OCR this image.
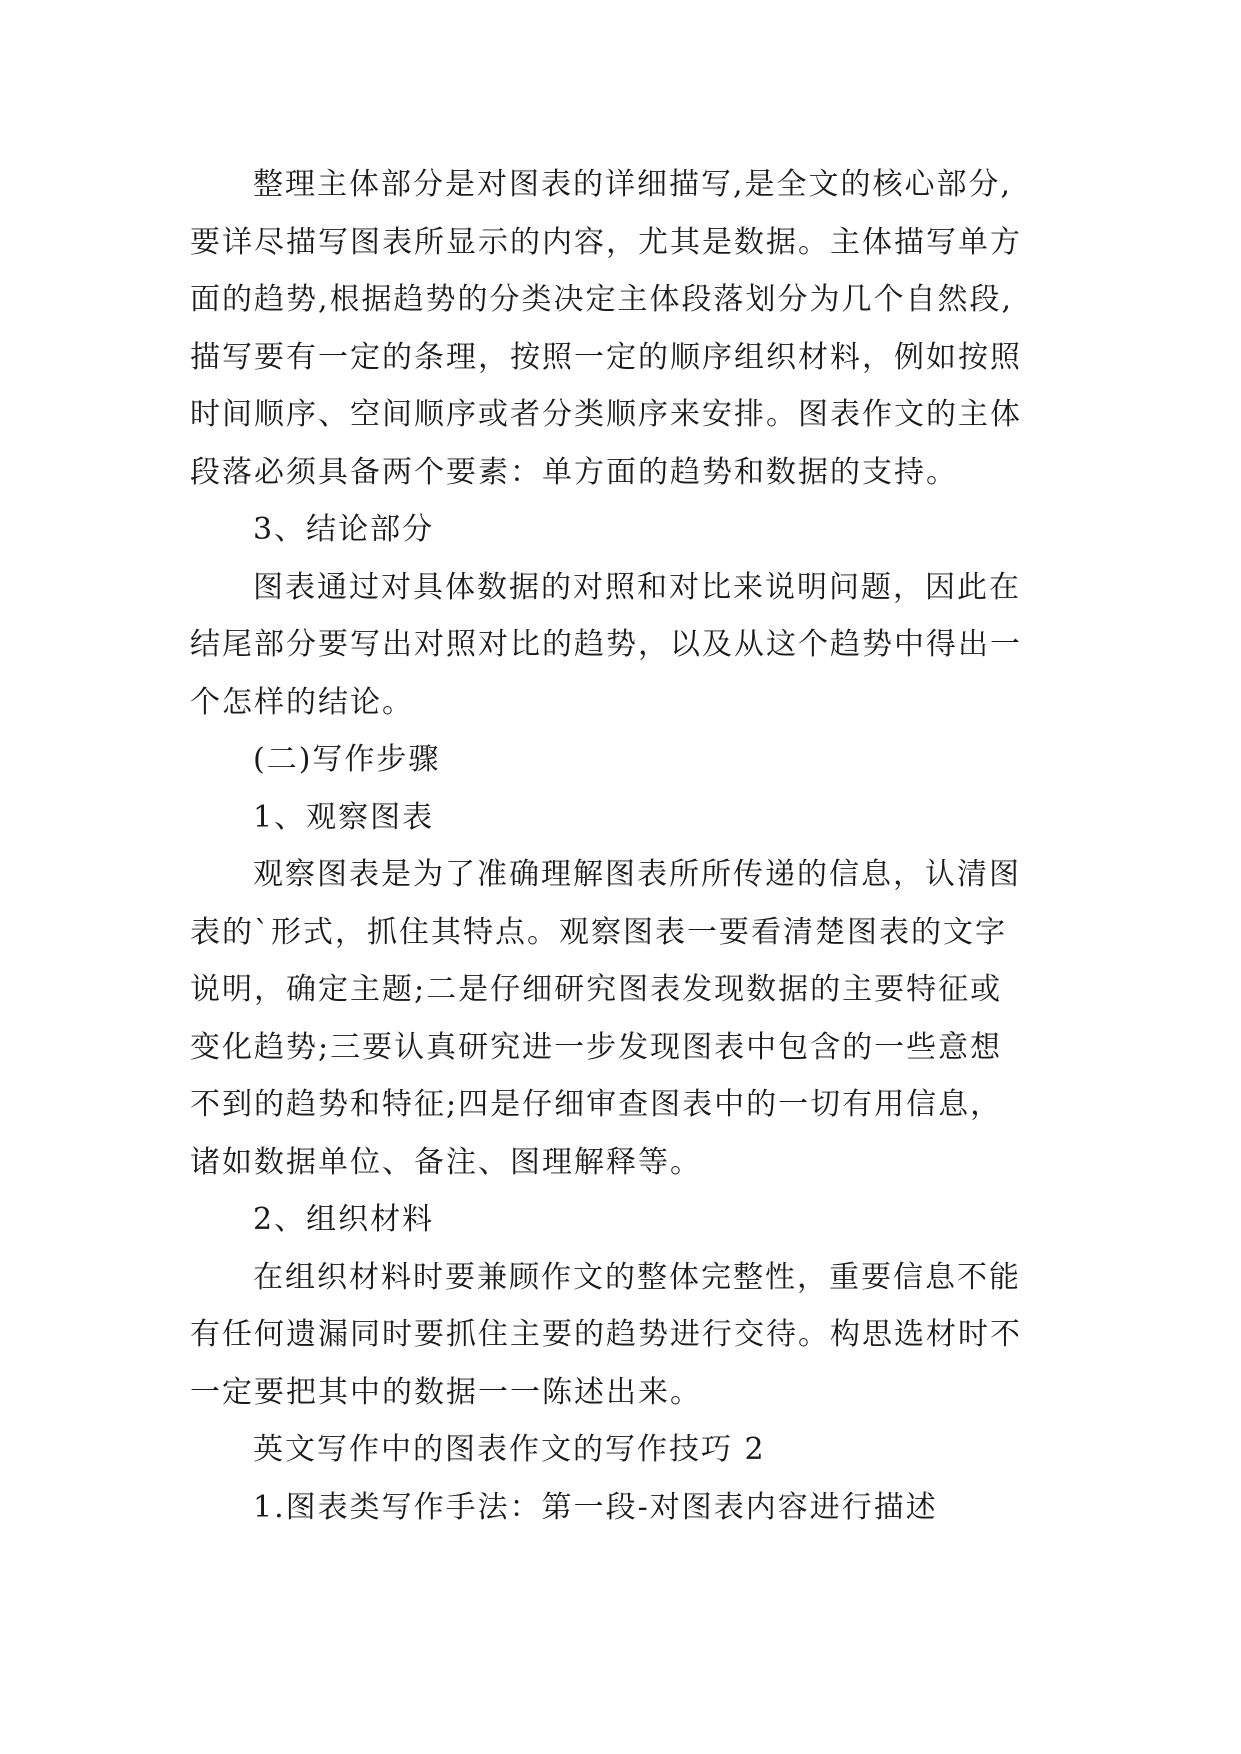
整理主体部分是对图表的详细描写,是全文的核心部分,
要详尽描写图表所显示的内容，尤其是数据。主体描写单方
面的趋势,根据趋势的分类决定主体段落划分为几个自然段,
描写要有一定的条理，按照一定的顺序组织材料，例如按照
时间顺序、空间顺序或者分类顺序来安排。图表作文的主体
段落必须具备两个要素：单方面的趋势和数据的支持。
3、结论部分
图表通过对具体数据的对照和对比来说明问题，因此在
结尾部分要写出对照对比的趋势，以及从这个趋势中得出一
个怎样的结论。
(二)写作步骤
1、观察图表
观察图表是为了准确理解图表所所传递的信息，认清图
表的`形式，抓住其特点。观察图表一要看清楚图表的文字
说明，确定主题;二是仔细研究图表发现数据的主要特征或
变化趋势;三要认真研究进一步发现图表中包含的一些意想
不到的趋势和特征;四是仔细审查图表中的一切有用信息，
诸如数据单位、备注、图理解释等。
2、组织材料
在组织材料时要兼顾作文的整体完整性，重要信息不能
有任何遗漏同时要抓住主要的趋势进行交待。构思选材时不
一定要把其中的数据一一陈述出来。
英文写作中的图表作文的写作技巧 2
1.图表类写作手法：第一段-对图表内容进行描述
